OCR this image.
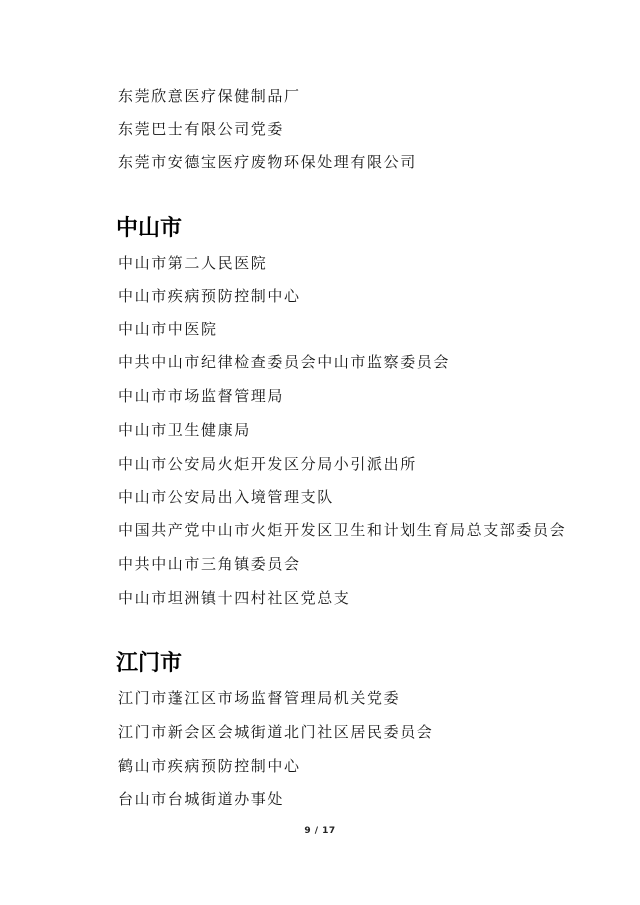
东莞欣意医疗保健制品厂
东莞巴士有限公司党委
东莞市安德宝医疗废物环保处理有限公司
中山市
中山市第二人民医院
中山市疾病预防控制中心
中山市中医院
中共中山市纪律检查委员会中山市监察委员会
中山市市场监督管理局
中山市卫生健康局
中山市公安局火炬开发区分局小引派出所
中山市公安局出入境管理支队
中国共产党中山市火炬开发区卫生和计划生育局总支部委员会
中共中山市三角镇委员会
中山市坦洲镇十四村社区党总支
江门市
江门市蓬江区市场监督管理局机关党委
江门市新会区会城街道北门社区居民委员会
鹤山市疾病预防控制中心
台山市台城街道办事处
9 / 17
